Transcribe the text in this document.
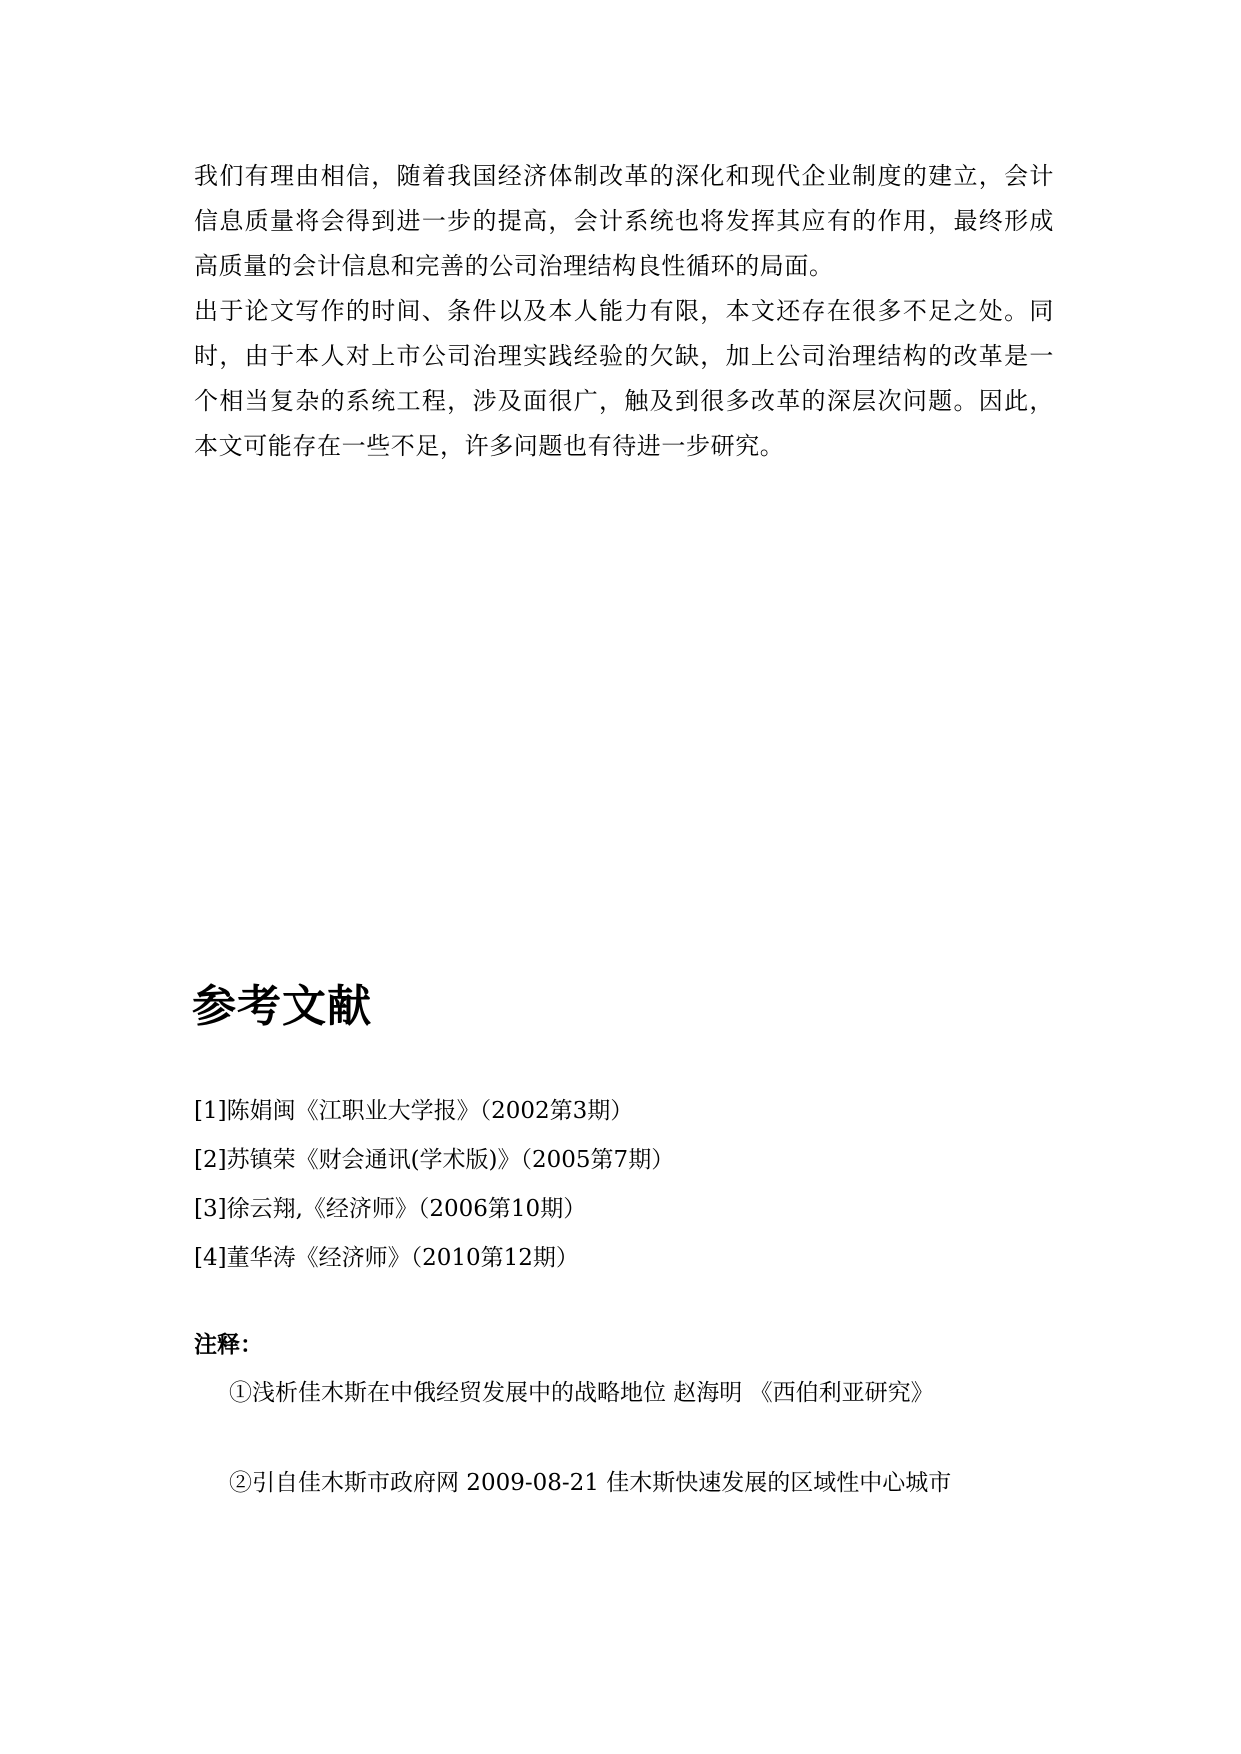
我们有理由相信，随着我国经济体制改革的深化和现代企业制度的建立，会计信息质量将会得到进一步的提高，会计系统也将发挥其应有的作用，最终形成高质量的会计信息和完善的公司治理结构良性循环的局面。

出于论文写作的时间、条件以及本人能力有限，本文还存在很多不足之处。同时，由于本人对上市公司治理实践经验的欠缺，加上公司治理结构的改革是一个相当复杂的系统工程，涉及面很广，触及到很多改革的深层次问题。因此，本文可能存在一些不足，许多问题也有待进一步研究。

参考文献
[1]陈娟闽《江职业大学报》（2002第3期）
[2]苏镇荣《财会通讯(学术版)》（2005第7期）
[3]徐云翔,《经济师》（2006第10期）
[4]董华涛《经济师》（2010第12期）

注释：

①浅析佳木斯在中俄经贸发展中的战略地位 赵海明 《西伯利亚研究》

②引自佳木斯市政府网 2009-08-21 佳木斯快速发展的区域性中心城市
